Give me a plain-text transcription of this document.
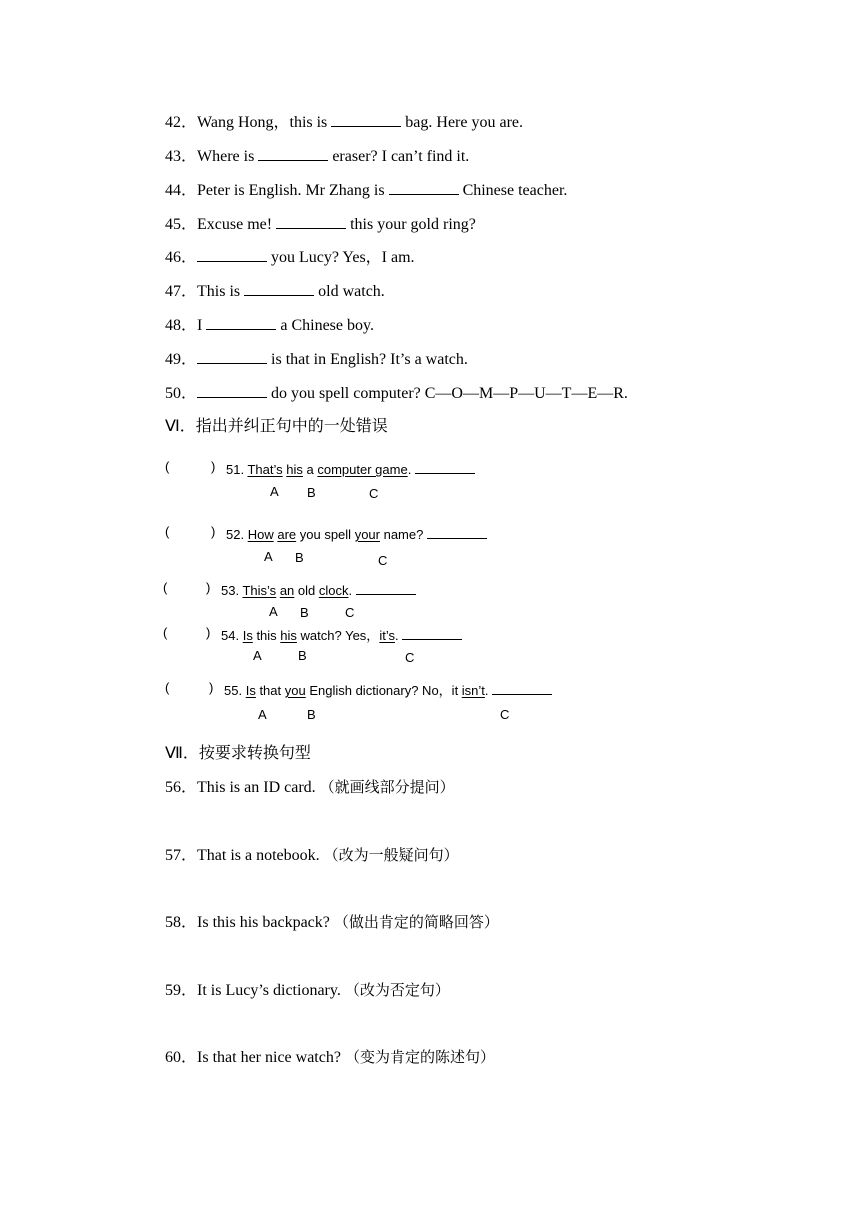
42．Wang Hong，this is	bag. Here you are.
43．Where is	eraser? I can’t find it.
44．Peter is English. Mr Zhang is	Chinese teacher.
45．Excuse me!	this your gold ring?
46．	you Lucy? Yes，I am.
47．This is	old watch.
48．I	a Chinese boy.
49．	is that in English? It’s a watch.
50．	do you spell computer? C—O—M—P—U—T—E—R.
Ⅵ．指出并纠正句中的一处错误
(	) 51. That’s his a computer game.
A B	C
(	) 52. How are you spell your name?
A B	C
(	) 53. This’s an old clock.
A B	C
(	) 54. Is this his watch? Yes，it’s.
A	B	C
(	) 55. Is that you English dictionary? No，it isn’t.
A	B	C
Ⅶ．按要求转换句型
56．This is an ID card. （就画线部分提问）
57．That is a notebook. （改为一般疑问句）
58．Is this his backpack? （做出肯定的简略回答）
59．It is Lucy’s dictionary. （改为否定句）
60．Is that her nice watch? （变为肯定的陈述句）
